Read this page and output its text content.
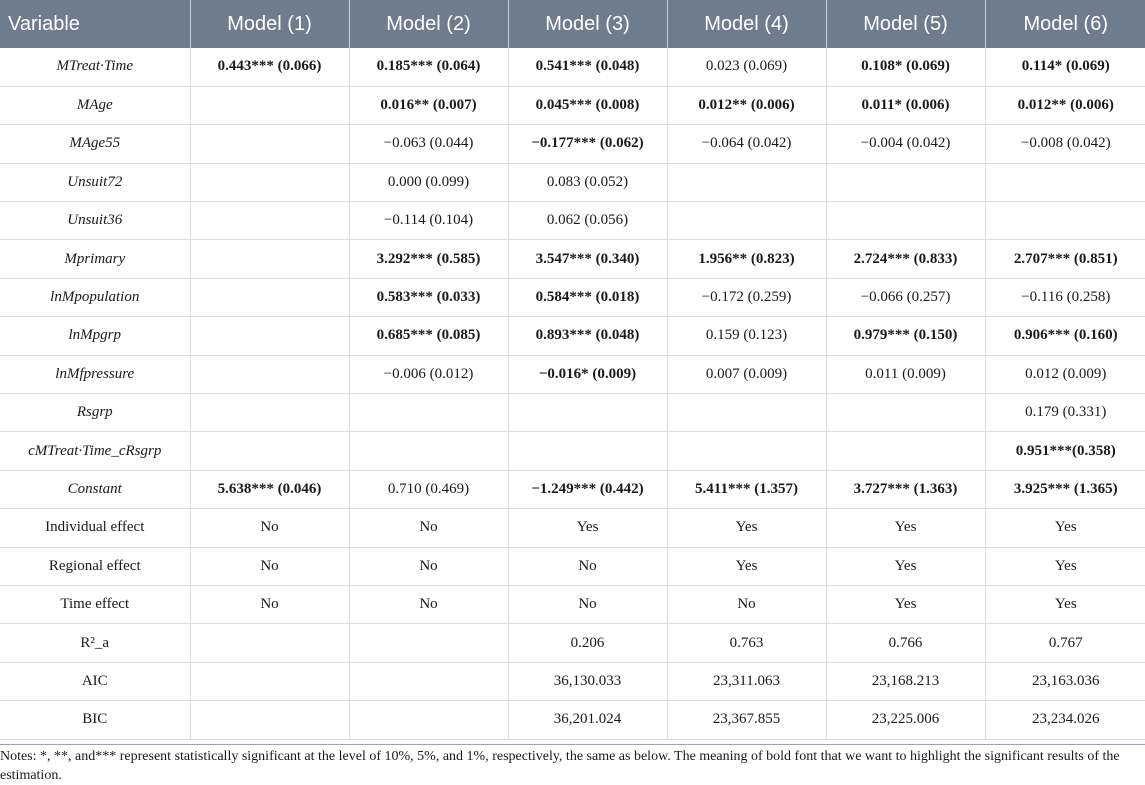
Variable	Model (1)	Model (2)	Model (3)	Model (4)	Model (5)	Model (6)
MTreat·Time	0.443*** (0.066)	0.185*** (0.064)	0.541*** (0.048)	0.023 (0.069)	0.108* (0.069)	0.114* (0.069)
MAge		0.016** (0.007)	0.045*** (0.008)	0.012** (0.006)	0.011* (0.006)	0.012** (0.006)
MAge55		−0.063 (0.044)	−0.177*** (0.062)	−0.064 (0.042)	−0.004 (0.042)	−0.008 (0.042)
Unsuit72		0.000 (0.099)	0.083 (0.052)			
Unsuit36		−0.114 (0.104)	0.062 (0.056)			
Mprimary		3.292*** (0.585)	3.547*** (0.340)	1.956** (0.823)	2.724*** (0.833)	2.707*** (0.851)
lnMpopulation		0.583*** (0.033)	0.584*** (0.018)	−0.172 (0.259)	−0.066 (0.257)	−0.116 (0.258)
lnMpgrp		0.685*** (0.085)	0.893*** (0.048)	0.159 (0.123)	0.979*** (0.150)	0.906*** (0.160)
lnMfpressure		−0.006 (0.012)	−0.016* (0.009)	0.007 (0.009)	0.011 (0.009)	0.012 (0.009)
Rsgrp						0.179 (0.331)
cMTreat·Time_cRsgrp						0.951***(0.358)
Constant	5.638*** (0.046)	0.710 (0.469)	−1.249*** (0.442)	5.411*** (1.357)	3.727*** (1.363)	3.925*** (1.365)
Individual effect	No	No	Yes	Yes	Yes	Yes
Regional effect	No	No	No	Yes	Yes	Yes
Time effect	No	No	No	No	Yes	Yes
R²_a			0.206	0.763	0.766	0.767
AIC			36,130.033	23,311.063	23,168.213	23,163.036
BIC			36,201.024	23,367.855	23,225.006	23,234.026
Notes: *, **, and*** represent statistically significant at the level of 10%, 5%, and 1%, respectively, the same as below. The meaning of bold font that we want to highlight the significant results of the estimation.
